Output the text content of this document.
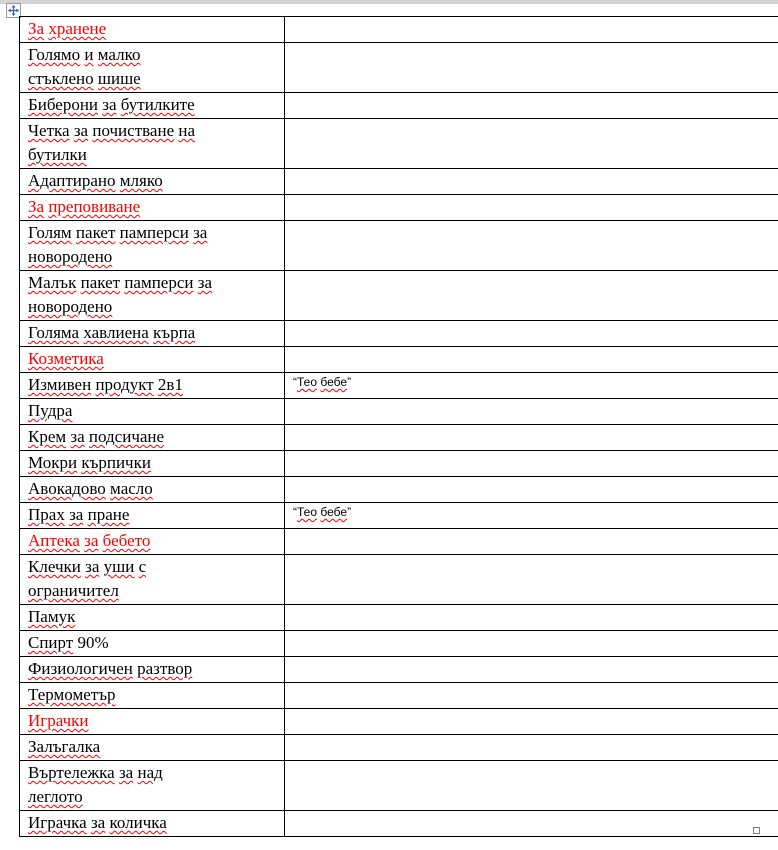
За хранене	
Голямо и малко
стъклено шише	
Биберони за бутилките	
Четка за почистване на
бутилки	
Адаптирано мляко	
За преповиване	
Голям пакет памперси за
новородено	
Малък пакет памперси за
новородено	
Голяма хавлиена кърпа	
Козметика	
Измивен продукт 2в1	“Тео бебе”
Пудра	
Крем за подсичане	
Мокри кърпички	
Авокадово масло	
Прах за пране	“Тео бебе”
Аптека за бебето	
Клечки за уши с
ограничител	
Памук	
Спирт 90%	
Физиологичен разтвор	
Термометър	
Играчки	
Залъгалка	
Въртележка за над
леглото	
Играчка за количка	
